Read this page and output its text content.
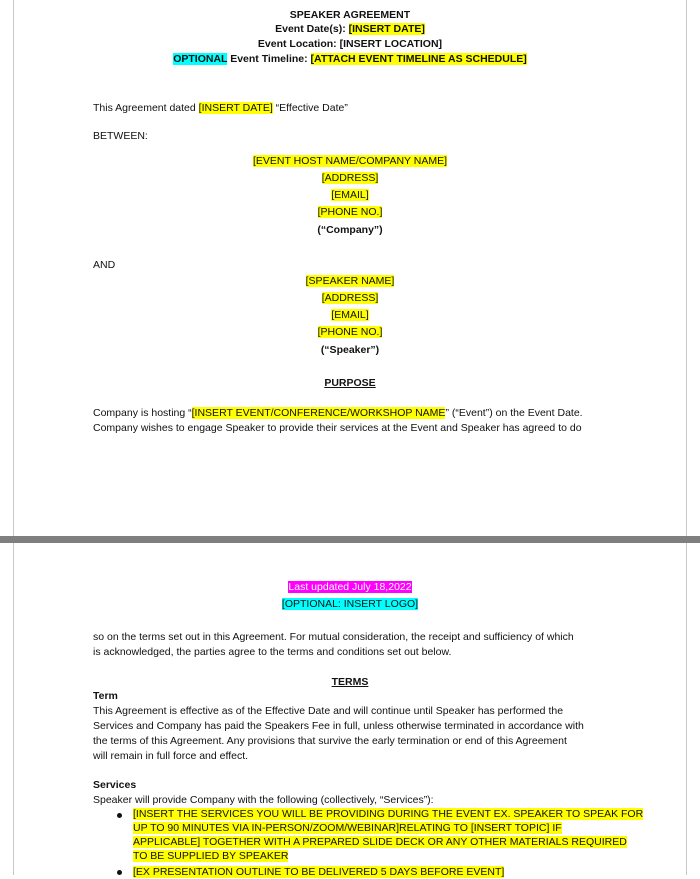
SPEAKER AGREEMENT
Event Date(s): [INSERT DATE]
Event Location: [INSERT LOCATION]
OPTIONAL Event Timeline: [ATTACH EVENT TIMELINE AS SCHEDULE]
This Agreement dated [INSERT DATE] “Effective Date”
BETWEEN:
[EVENT HOST NAME/COMPANY NAME]
[ADDRESS]
[EMAIL]
[PHONE NO.]
(“Company”)
AND
[SPEAKER NAME]
[ADDRESS]
[EMAIL]
[PHONE NO.]
(“Speaker”)
PURPOSE
Company is hosting “[INSERT EVENT/CONFERENCE/WORKSHOP NAME” (“Event”) on the Event Date.
Company wishes to engage Speaker to provide their services at the Event and Speaker has agreed to do
Last updated July 18,2022
[OPTIONAL: INSERT LOGO]
so on the terms set out in this Agreement. For mutual consideration, the receipt and sufficiency of which
is acknowledged, the parties agree to the terms and conditions set out below.
TERMS
Term
This Agreement is effective as of the Effective Date and will continue until Speaker has performed the
Services and Company has paid the Speakers Fee in full, unless otherwise terminated in accordance with
the terms of this Agreement. Any provisions that survive the early termination or end of this Agreement
will remain in full force and effect.
Services
Speaker will provide Company with the following (collectively, “Services”):
[INSERT THE SERVICES YOU WILL BE PROVIDING DURING THE EVENT EX. SPEAKER TO SPEAK FOR
UP TO 90 MINUTES VIA IN-PERSON/ZOOM/WEBINAR]RELATING TO [INSERT TOPIC] IF
APPLICABLE] TOGETHER WITH A PREPARED SLIDE DECK OR ANY OTHER MATERIALS REQUIRED
TO BE SUPPLIED BY SPEAKER
[EX PRESENTATION OUTLINE TO BE DELIVERED 5 DAYS BEFORE EVENT]
